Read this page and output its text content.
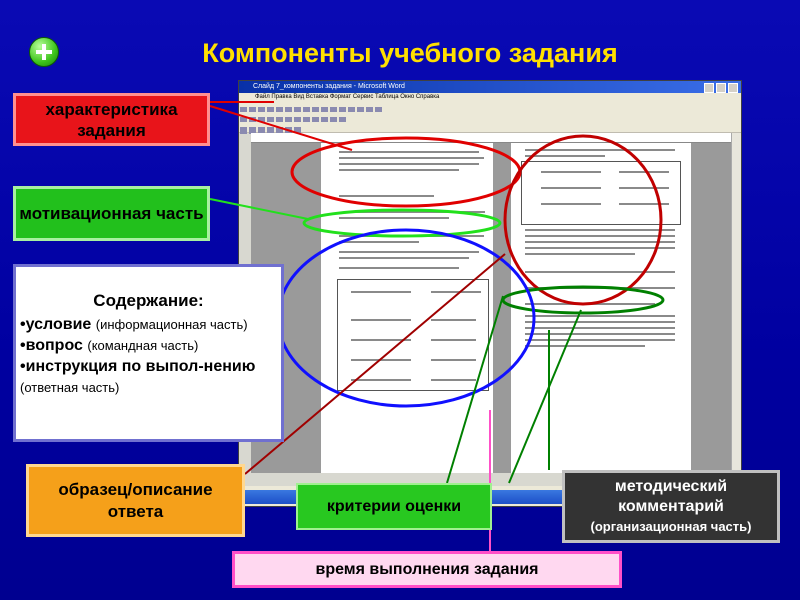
Компоненты учебного задания
Слайд 7_компоненты задания - Microsoft Word
Файл Правка Вид Вставка Формат Сервис Таблица Окно Справка
характеристика задания
мотивационная часть
Содержание:
•условие (информационная часть)
•вопрос (командная часть)
•инструкция по выпол-нению (ответная часть)
образец/описание ответа	критерии оценки
методический комментарий
(организационная часть)
время выполнения задания
